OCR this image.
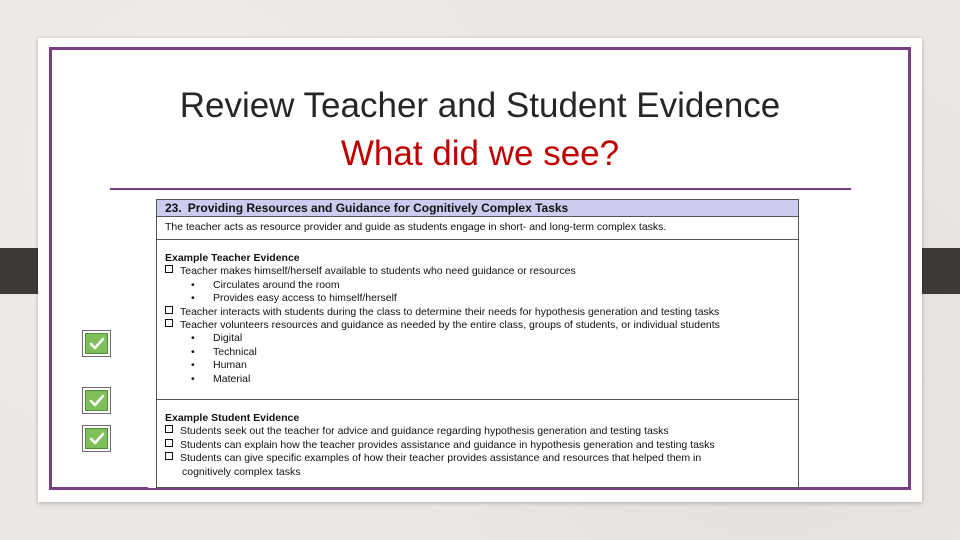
Review Teacher and Student Evidence
What did we see?
23. Providing Resources and Guidance for Cognitively Complex Tasks
The teacher acts as resource provider and guide as students engage in short- and long-term complex tasks.
Example Teacher Evidence
Teacher makes himself/herself available to students who need guidance or resources
• Circulates around the room
• Provides easy access to himself/herself
Teacher interacts with students during the class to determine their needs for hypothesis generation and testing tasks
Teacher volunteers resources and guidance as needed by the entire class, groups of students, or individual students
• Digital
• Technical
• Human
• Material
Example Student Evidence
Students seek out the teacher for advice and guidance regarding hypothesis generation and testing tasks
Students can explain how the teacher provides assistance and guidance in hypothesis generation and testing tasks
Students can give specific examples of how their teacher provides assistance and resources that helped them in
cognitively complex tasks
